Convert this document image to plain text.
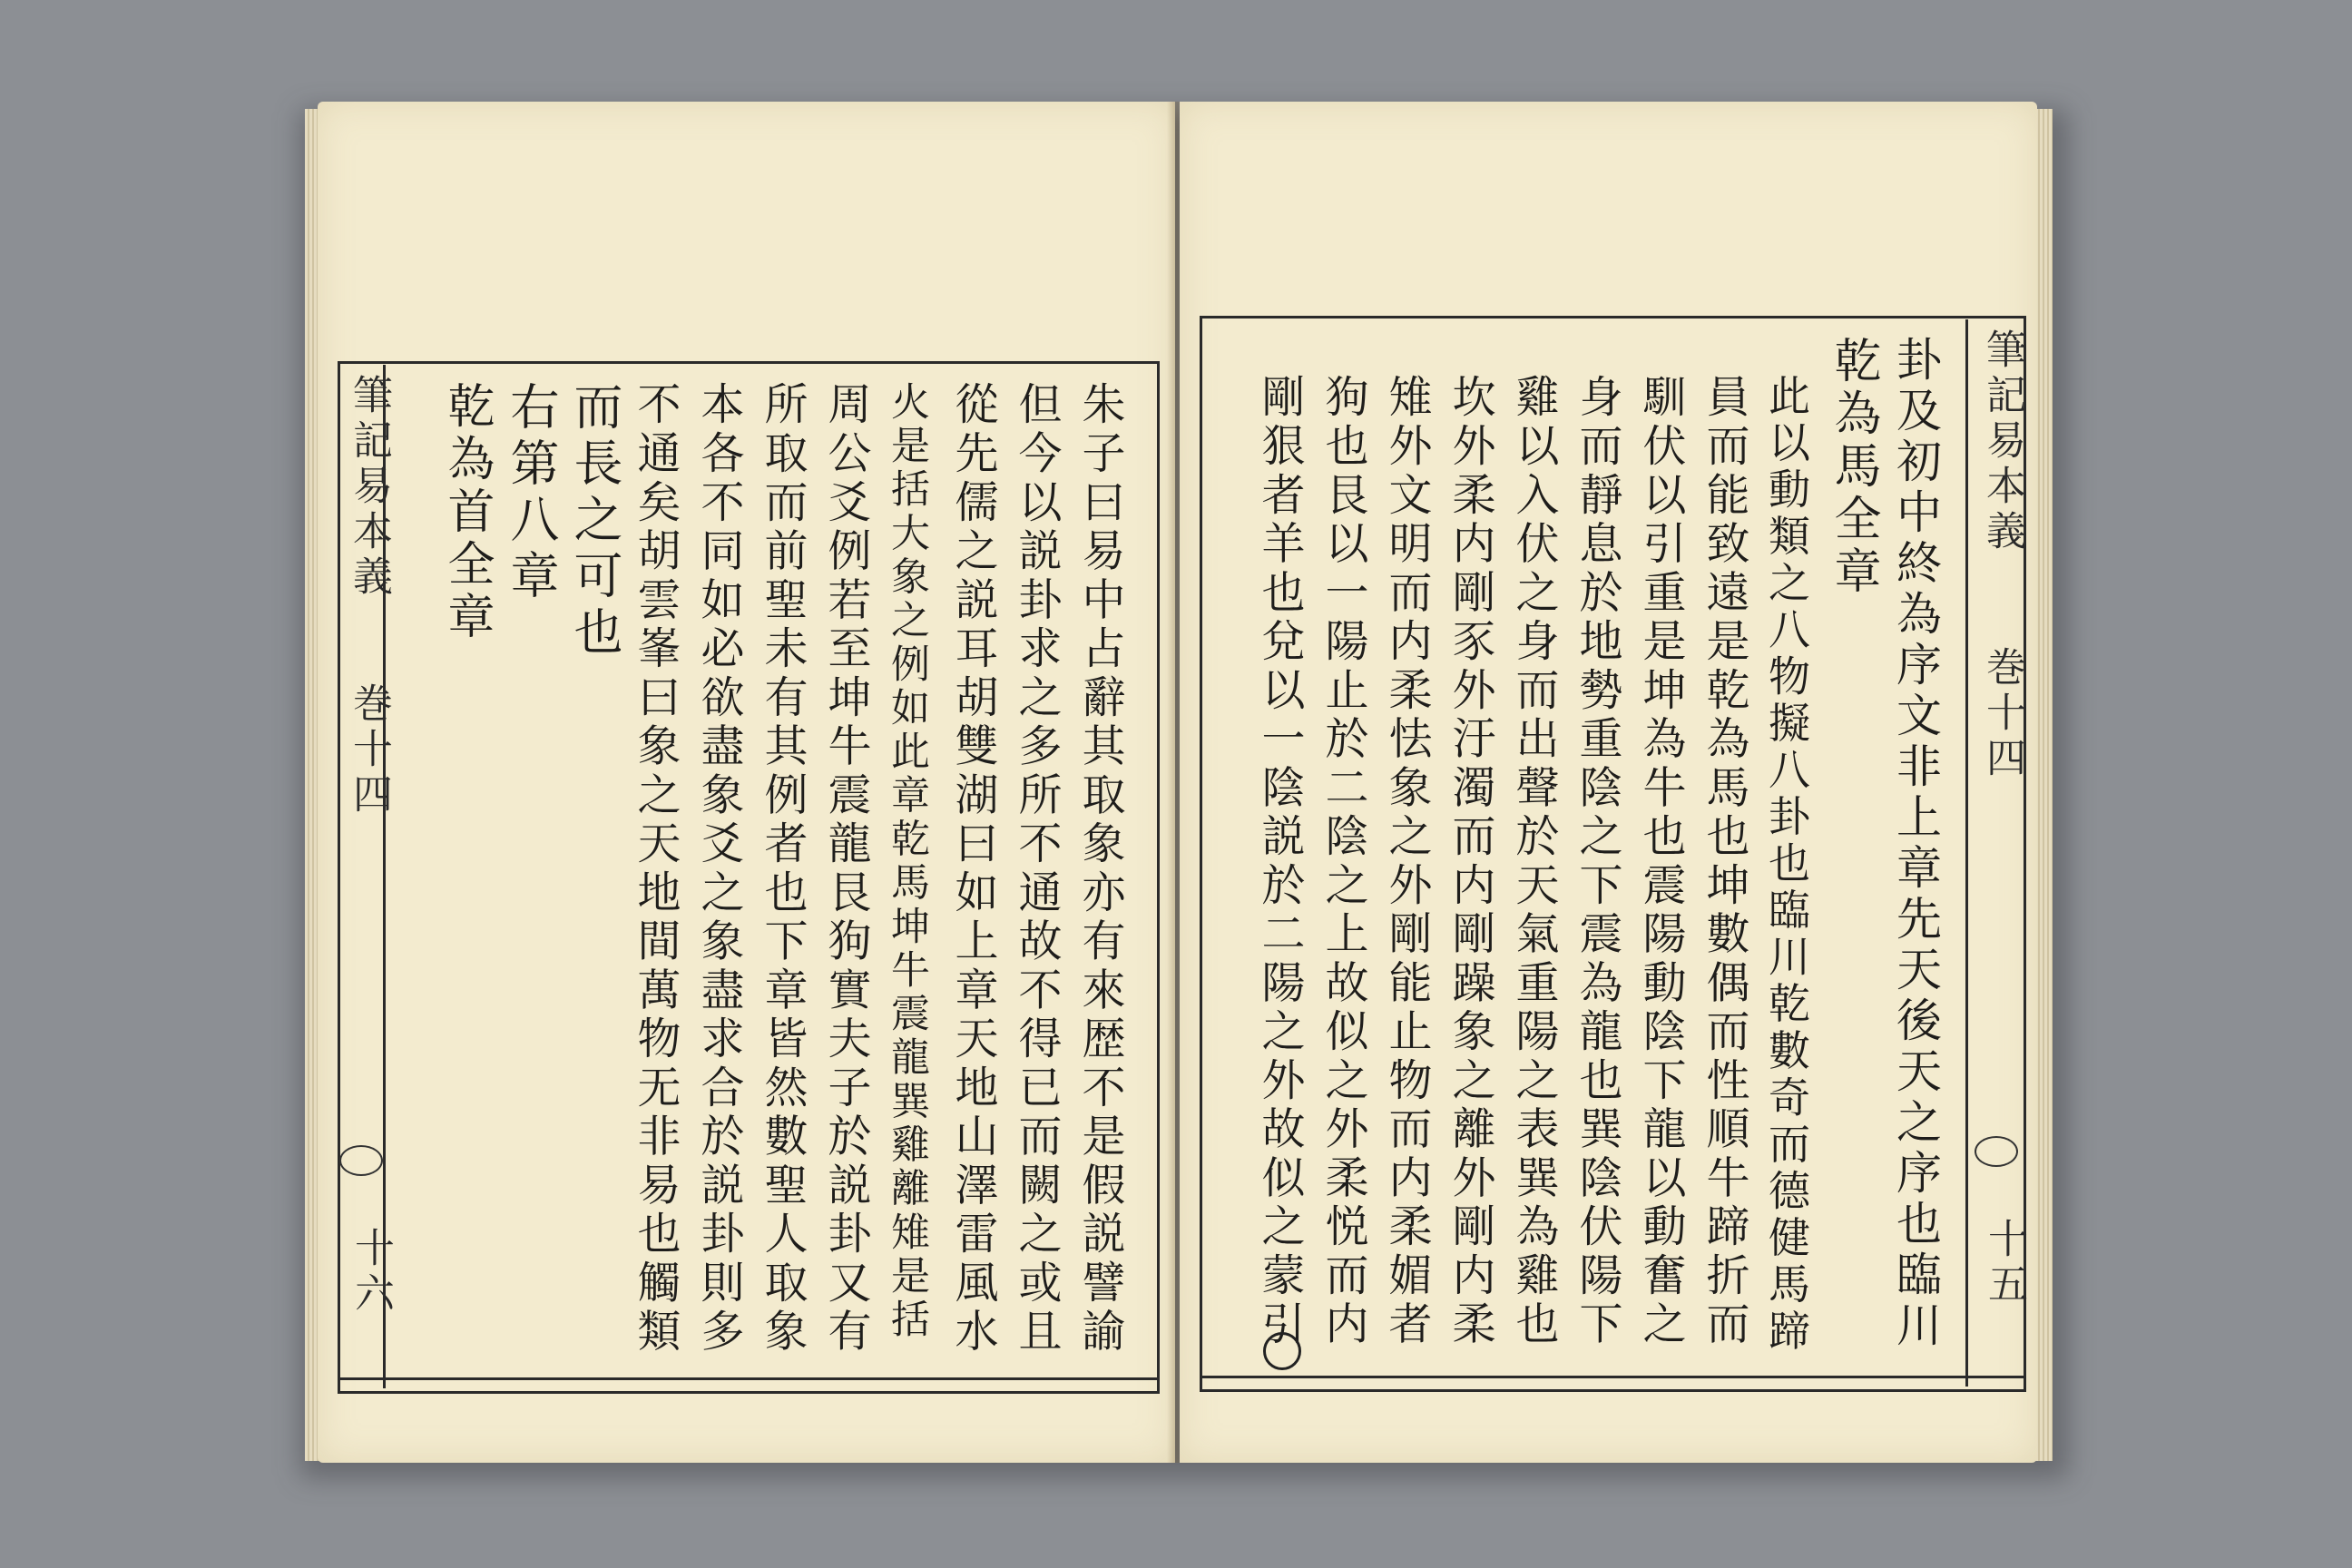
筆記易本義
巻十四
十六	朱子曰易中占辭其取象亦有來歴不是假説譬諭
但今以説卦求之多所不通故不得已而闕之或且
從先儒之説耳胡雙湖曰如上章天地山澤雷風水
火是括大象之例如此章乾馬坤牛震龍巽雞離雉是括
周公爻例若至坤牛震龍艮狗實夫子於説卦又有
所取而前聖未有其例者也下章皆然數聖人取象
本各不同如必欲盡象爻之象盡求合於説卦則多
不通矣胡雲峯曰象之天地間萬物无非易也觸類
而長之可也
右第八章
乾為首全章	筆記易本義
巻十四
十五
卦及初中終為序文非上章先天後天之序也臨川
乾為馬全章
此以動類之八物擬八卦也臨川乾數奇而德健馬蹄
員而能致遠是乾為馬也坤數偶而性順牛蹄折而
馴伏以引重是坤為牛也震陽動陰下龍以動奮之
身而靜息於地勢重陰之下震為龍也巽陰伏陽下
雞以入伏之身而出聲於天氣重陽之表巽為雞也
坎外柔内剛豕外汙濁而内剛躁象之離外剛内柔
雉外文明而内柔怯象之外剛能止物而内柔媚者
狗也艮以一陽止於二陰之上故似之外柔悦而内
剛狠者羊也兌以一陰説於二陽之外故似之蒙引
